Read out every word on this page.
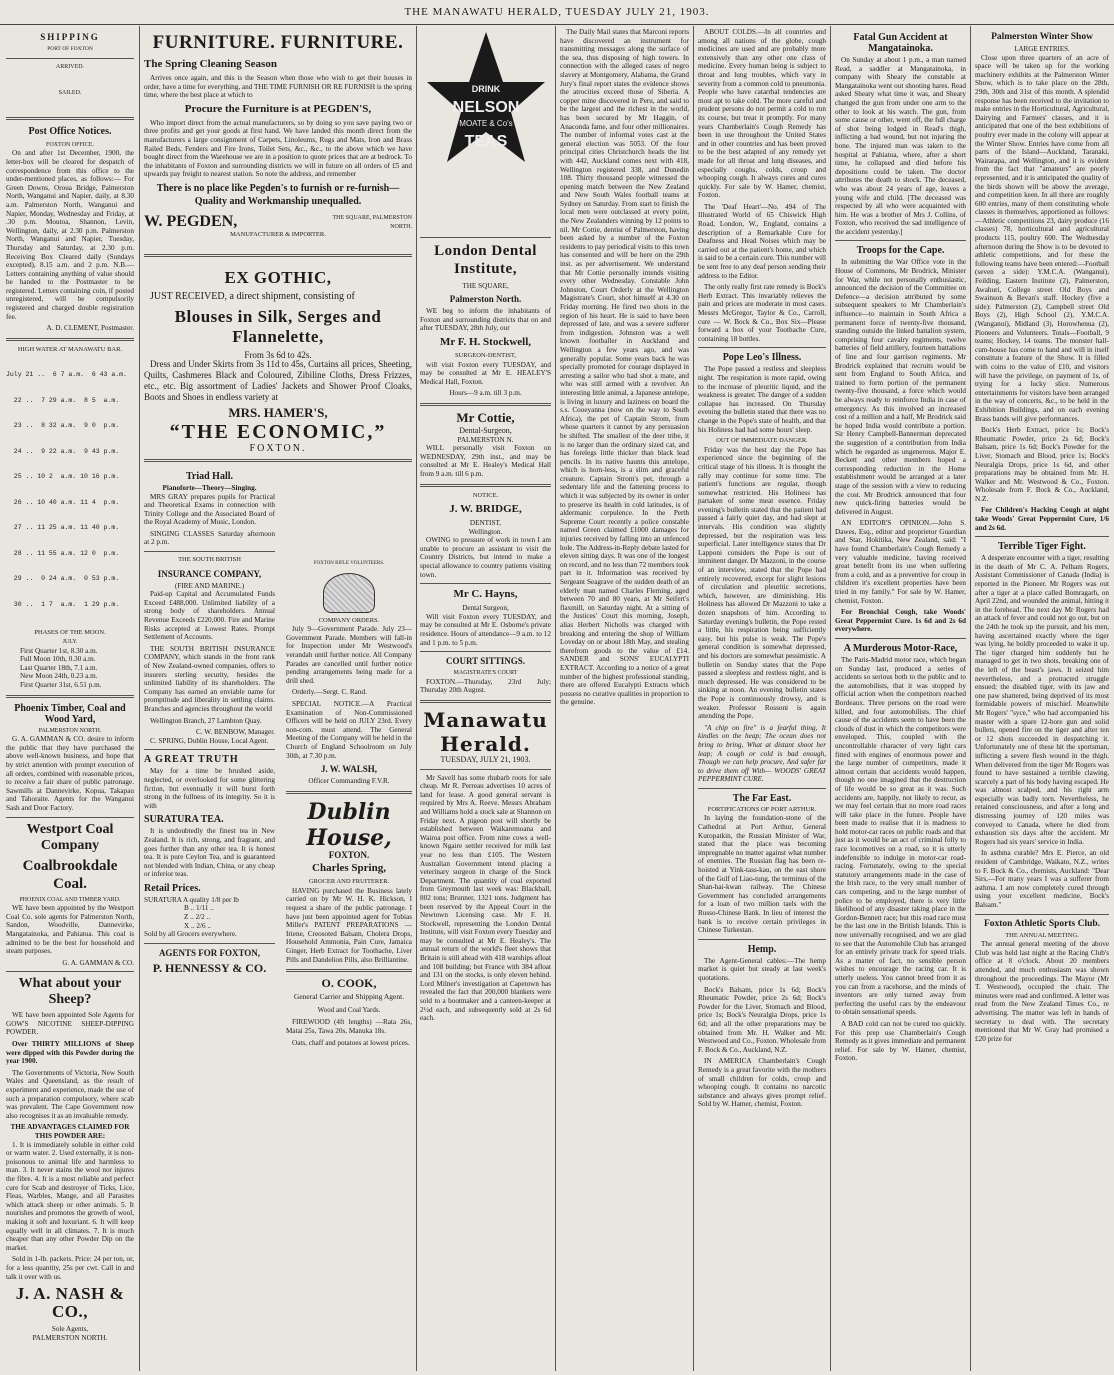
THE MANAWATU HERALD, TUESDAY JULY 21, 1903.
SHIPPING
PORT OF FOXTON
ARRIVED.
SAILED.
Post Office Notices.
FOXTON OFFICE.

On and after 1st December, 1900, the letter-box will be cleared for despatch of correspondence from this office to the under-mentioned places, as follows:— For Green Downs, Oroua Bridge, Palmerston North, Wanganui and Napier, daily, at 8.30 a.m. Palmerston North, Wanganui and Napier, Monday, Wednesday and Friday, at .30 p.m. Moutoa, Shannon, Levin, Wellington, daily, at 2.30 p.m. Palmerston North, Wanganui and Napier, Tuesday, Thursday and Saturday, at 2.30 p.m. Receiving Box Cleared daily (Sundays excepted), 8.15 a.m. and 2 p.m. N.B.—Letters containing anything of value should be handed to the Postmaster to be registered. Letters containing coin, if posted unregistered, will be compulsorily registered and charged double registration fee.

A. D. CLEMENT, Postmaster.
HIGH WATER AT MANAWATU BAR.

July 21 ..  6 7 a.m.  6 43 a.m.

22 ..  7 29 a.m.  8 5  a.m.

23 ..  8 32 a.m.  9 0  p.m.

24 ..  9 22 a.m.  9 43 p.m.

25 .. 10 2  a.m. 10 16 p.m.

26 .. 10 40 a.m. 11 4  p.m.

27 .. 11 25 a.m. 11 40 p.m.

28 .. 11 55 a.m. 12 0  p.m.

29 ..  0 24 a.m.  0 53 p.m.

30 ..  1 7  a.m.  1 29 p.m.

PHASES OF THE MOON.
JULY.
First Quarter 1st, 8.30 a.m.
Full Moon 10th, 0.30 a.m.
Last Quarter 18th, 7.1 a.m.
New Moon 24th, 0.23 a.m.
First Quarter 31st, 6.51 p.m.
Phoenix Timber, Coal and Wood Yard,
PALMERSTON NORTH.

G. A. GAMMAN & CO. desire to inform the public that they have purchased the above well-known business, and hope that by strict attention with prompt execution of all orders, combined with reasonable prices, to receive a fair share of public patronage. Sawmills at Dannevirke, Kopua, Takapau and Tahoraite. Agents for the Wanganui Sash and Door Factory.

Westport Coal Company
Coalbrookdale Coal.
PHOENIX COAL AND TIMBER YARD.

WE have been appointed by the Westport Coal Co. sole agents for Palmerston North, Sandon, Woodville, Dannevirke, Mangatainoka, and Pahiatua. This coal is admitted to be the best for household and steam purposes.

G. A. GAMMAN & CO.
What about your Sheep?

WE have been appointed Sole Agents for GOW'S NICOTINE SHEEP-DIPPING POWDER.

Over THIRTY MILLIONS of Sheep were dipped with this Powder during the year 1900.

The Governments of Victoria, New South Wales and Queensland, as the result of experiment and experience, made the use of such a preparation compulsory, where scab was prevalent. The Cape Government now also recognises it as an invaluable remedy.

THE ADVANTAGES CLAIMED FOR THIS POWDER ARE:

1. It is immediately soluble in either cold or warm water. 2. Used externally, it is non-poisonous to animal life and harmless to man. 3. It never stains the wool nor injures the fibre. 4. It is a most reliable and perfect cure for Scab and destroyer of Ticks, Lice, Fleas, Warbles, Mange, and all Parasites which attack sheep or other animals. 5. It nourishes and promotes the growth of wool, making it soft and luxuriant. 6. It will keep equally well in all climates. 7. It is much cheaper than any other Powder Dip on the market.

Sold in 1-lb. packets. Price: 24 per ton, or, for a less quantity, 25s per cwt. Call in and talk it over with us.

J. A. NASH & CO.,
Sole Agents,
PALMERSTON NORTH.
FURNITURE. FURNITURE.
The Spring Cleaning Season

Arrives once again, and this is the Season when those who wish to get their houses in order, have a time for everything, and THE TIME FURNISH OR RE FURNISH is the spring time, where the best place at which to

Procure the Furniture is at PEGDEN'S,

Who import direct from the actual manufacturers, so by doing so you save paying two or three profits and get your goods at first hand. We have landed this month direct from the manufacturers a large consignment of Carpets, Linoleums, Rugs and Mats, Iron and Brass Railed Beds, Fenders and Fire Irons, Toilet Sets, &c., &c., to the above which we have bought direct from the Warehouse we are in a position to quote prices that are at bedrock. To the inhabitants of Foxton and surrounding districts we will in future on all orders of £5 and upwards pay freight to nearest station. So note the address, and remember

There is no place like Pegden's to furnish or re-furnish—Quality and Workmanship unequalled.
W. PEGDEN,	THE SQUARE, PALMERSTON NORTH.
MANUFACTURER & IMPORTER.
EX GOTHIC,

JUST RECEIVED, a direct shipment, consisting of

Blouses in Silk, Serges and Flannelette,
From 3s 6d to 42s.

Dress and Under Skirts from 3s 11d to 45s, Curtains all prices, Sheeting, Quilts, Cashmeres Black and Coloured, Zibiline Cloths, Dress Frizzes, etc., etc. Big assortment of Ladies' Jackets and Shower Proof Cloaks, Boots and Shoes in endless variety at

MRS. HAMER'S,
“THE ECONOMIC,”
FOXTON.
Triad Hall.
Pianoforte—Theory—Singing.

MRS GRAY prepares pupils for Practical and Theoretical Exams in connection with Trinity College and the Associated Board of the Royal Academy of Music, London.

SINGING CLASSES Saturday afternoon at 2 p.m.

THE SOUTH BRITISH
INSURANCE COMPANY,
(FIRE AND MARINE.)

Paid-up Capital and Accumulated Funds Exceed £488,000. Unlimited liability of a strong body of shareholders. Annual Revenue Exceeds £220,000. Fire and Marine Risks accepted at Lowest Rates. Prompt Settlement of Accounts.

THE SOUTH BRITISH INSURANCE COMPANY, which stands in the front rank of New Zealand-owned companies, offers to insurers sterling security, besides the unlimited liability of its shareholders. The Company has earned an enviable name for promptitude and liberality in settling claims. Branches and agencies throughout the world

Wellington Branch, 27 Lambton Quay.

C. W. BENBOW, Manager.

C. SPRING, Dublin House, Local Agent.

A GREAT TRUTH

May for a time be brushed aside, neglected, or overlooked for some glittering fiction, but eventually it will burst forth strong in the fullness of its integrity. So it is with

SURATURA TEA.

It is undoubtedly the finest tea in New Zealand. It is rich, strong, and fragrant, and goes further than any other tea. It is honest tea. It is pure Ceylon Tea, and is guaranteed not blended with Indian, China, or any cheap or inferior teas.

Retail Prices.
SURATURA A quality 1/8 per lb
B .. 1/11 ..
Z .. 2/2 ..
X .. 2/6 ..
Sold by all Grocers everywhere.
AGENTS FOR FOXTON,
P. HENNESSY & CO.
FOXTON RIFLE VOLUNTEERS.
COMPANY ORDERS.

July 9—Government Parade. July 23—Government Parade. Members will fall-in for Inspection under Mr Westwood's verandah until further notice. All Company Parades are cancelled until further notice pending arrangements being made for a drill shed.

Orderly.—Sergt. C. Rand.

SPECIAL NOTICE.—A Practical Examination of Non-Commissioned Officers will be held on JULY 23rd. Every non-com. must attend. The General Meeting of the Company will be held in the Church of England Schoolroom on July 30th, at 7.30 p.m.

J. W. WALSH,
Officer Commanding F.V.R.
Dublin House,
FOXTON.
Charles Spring,
GROCER AND FRUITERER.

HAVING purchased the Business lately carried on by Mr W. H. K. Hickson, I request a share of the public patronage. I have just been appointed agent for Tobias Miller's PATENT PREPARATIONS — Iriene, Creosoted Balsam, Cholera Drops, Household Ammonia, Pain Cure, Jamaica Ginger, Herb Extract for Toothache, Liver Pills and Dandelion Pills, also Brilliantine.

O. COOK,
General Carrier and Shipping Agent.
Wood and Coal Yards.

FIREWOOD (4ft lengths) —Rata 26s, Matai 25s, Tawa 20s, Manuka 18s.

Oats, chaff and potatoes at lowest prices.

DRINK
NELSON
MOATE & Co's
TEAS
London Dental Institute,
THE SQUARE,
Palmerston North.

WE beg to inform the inhabitants of Foxton and surrounding districts that on and after TUESDAY, 28th July, our

Mr F. H. Stockwell,
SURGEON-DENTIST,

will visit Foxton every TUESDAY, and may be consulted at Mr E. HEALEY'S Medical Hall, Foxton.

Hours—9 a.m. till 3 p.m.
Mr Cottie,
Dental-Surgeon,
PALMERSTON N.

WILL personally visit Foxton on WEDNESDAY, 29th inst., and may be consulted at Mr E. Healey's Medical Hall from 9 a.m. till 6 p.m.

NOTICE.
J. W. BRIDGE,
DENTIST,
Wellington.

OWING to pressure of work in town I am unable to procure an assistant to visit the Country Districts, but intend to make a special allowance to country patients visiting town.

Mr C. Hayns,
Dental Surgeon,

Will visit Foxton every TUESDAY, and may be consulted at Mr E. Osborne's private residence. Hours of attendance—9 a.m. to 12 and 1 p.m. to 5 p.m.

COURT SITTINGS.
MAGISTRATE'S COURT

FOXTON.—Thursday, 23rd July; Thursday 20th August.

Manawatu Herald.
TUESDAY, JULY 21, 1903.

Mr Savell has some rhubarb roots for sale cheap. Mr R. Perreau advertises 10 acres of land for lease. A good general servant is required by Mrs A. Reeve. Messrs Abraham and Williams hold a stock sale at Shannon on Friday next. A pigeon post will shortly be established between Waikaremoana and Wairoa post office. From nine cows a well-known Ngaire settler received for milk last year no less than £105. The Western Australian Government intend placing a veterinary surgeon in charge of the Stock Department. The quantity of coal exported from Greymouth last week was: Blackball, 802 tons; Brunner, 1321 tons. Judgment has been reserved by the Appeal Court in the Newtown Licensing case. Mr F. H. Stockwell, representing the London Dental Institute, will visit Foxton every Tuesday and may be consulted at Mr E. Healey's. The annual return of the world's fleet shows that Britain is still ahead with 418 warships afloat and 108 building; but France with 384 afloat and 131 on the stocks, is only eleven behind. Lord Milner's investigation at Capetown has revealed the fact that 200,000 blankets were sold to a bootmaker and a canteen-keeper at 2½d each, and subsequently sold at 2s 6d each.

The Daily Mail states that Marconi reports have discovered an instrument for transmitting messages along the surface of the sea, thus disposing of high towers. In connection with the alleged cases of negro slavery at Montgomery, Alabama, the Grand Jury's final report states the evidence shows the atrocities exceed those of Siberia. A copper mine discovered in Peru, and said to be the largest and the richest in the world, has been secured by Mr Haggin, of Anaconda fame, and four other millionaires. The number of informal votes cast at the general election was 5053. Of the four principal cities Christchurch heads the list with 442, Auckland comes next with 418, Wellington registered 338, and Dunedin 108. Thirty thousand people witnessed the opening match between the New Zealand and New South Wales football teams at Sydney on Saturday. From start to finish the local men were outclassed at every point, the New Zealanders winning by 12 points to nil. Mr Cottie, dentist of Palmerston, having been asked by a number of the Foxton residents to pay periodical visits to this town has consented and will be here on the 29th inst. as per advertisement. We understand that Mr Cottie personally intends visiting every other Wednesday. Constable John Johnston, Court Orderly at the Wellington Magistrate's Court, shot himself at 4.30 on Friday morning. He fired two shots in the region of his heart. He is said to have been depressed of late, and was a severe sufferer from indigestion. Johnston was a well known footballer in Auckland and Wellington a few years ago, and was generally popular. Some years back he was specially promoted for courage displayed in arresting a sailor who had shot a mate, and who was still armed with a revolver. An interesting little animal, a Japanese antelope, is living in luxury and laziness on board the s.s. Cooeyanna (now on the way to South Africa), the pet of Captain Strom, from whose quarters it cannot by any persuasion be shifted. The smallest of the deer tribe, it is no larger than the ordinary sized cat, and has forelegs little thicker than black lead pencils. In its native haunts this antelope, which is horn-less, is a slim and graceful creature. Captain Strom's pet, through a sedentary life and the fattening process to which it was subjected by its owner in order to preserve its health in cold latitudes, is of aldermanic corpulence. In the Perth Supreme Court recently a police constable named Green claimed £1000 damages for injuries received by falling into an unfenced hole. The Address-in-Reply debate lasted for eleven sitting days. It was one of the longest on record, and no less than 72 members took part in it. Information was received by Sergeant Seagrave of the sudden death of an elderly man named Charles Fleming, aged between 70 and 80 years, at Mr Seifert's flaxmill, on Saturday night. At a sitting of the Justices' Court this morning, Joseph, alias Herbert Nicholls was charged with breaking and entering the shop of William Loveday on or about 18th May, and stealing therefrom goods to the value of £14. SANDER and SONS' EUCALYPTI EXTRACT. According to a notice of a great number of the highest professional standing, there are offered Eucalypti Extracts which possess no curative qualities in proportion to the genuine.

ABOUT COLDS.—In all countries and among all nations of the globe, cough medicines are used and are probably more extensively than any other one class of medicine. Every human being is subject to throat and lung troubles, which vary in severity from a common cold to pneumonia. People who have catarrhal tendencies are most apt to take cold. The more careful and prudent persons do not permit a cold to run its course, but treat it promptly. For many years Chamberlain's Cough Remedy has been in use throughout the United States and in other countries and has been proved to be the best adapted of any remedy yet made for all throat and lung diseases, and especially coughs, colds, croup and whooping cough. It always cures and cures quickly. For sale by W. Hamer, chemist, Foxton.

The 'Deaf Heart'—No. 494 of The Illustrated World of 65 Chiswick High Road, London, W., England, contains a description of a Remarkable Cure for Deafness and Head Noises which may be carried out at the patient's home, and which is said to be a certain cure. This number will be sent free to any deaf person sending their address to the Editor.

The only really first rate remedy is Bock's Herb Extract. This invariably relieves the pain and prices are moderate in most cases. Messrs McGregor, Taylor & Co., Carroll, cure — W. Bock & Co., Box Six—Please forward a box of your Toothache Cure, containing 18 bottles.

Pope Leo's Illness.

The Pope passed a restless and sleepless night. The respiration is more rapid, owing to the increase of pleuritic liquid, and the weakness is greater. The danger of a sudden collapse has increased. On Thursday evening the bulletin stated that there was no change in the Pope's state of health, and that his Holiness had had some hours' sleep.

OUT OF IMMEDIATE DANGER.

Friday was the best day the Pope has experienced since the beginning of the critical stage of his illness. It is thought the rally may continue for some time. The patient's functions are regular, though somewhat restricted. His Holiness has partaken of some meat essence. Friday evening's bulletin stated that the patient had passed a fairly quiet day, and had slept at intervals. His condition was slightly depressed, but the respiration was less superficial. Later intelligence states that Dr Lapponi considers the Pope is out of imminent danger. Dr Mazzoni, in the course of an interview, stated that the Pope had entirely recovered, except for slight lesions of circulation and pleuritic secretions, which, however, are diminishing. His Holiness has allowed Dr Mazzoni to take a dozen snapshots of him. According to Saturday evening's bulletin, the Pope rested a little, his respiration being sufficiently easy, but his pulse is weak. The Pope's general condition is somewhat depressed, and his doctors are somewhat pessimistic. A bulletin on Sunday states that the Pope passed a sleepless and restless night, and is much depressed. He was considered to be sinking at noon. An evening bulletin states the Pope is continuously drowsy, and is weaker. Professor Rossoni is again attending the Pope.

"A chip on fire" is a fearful thing, It kindles on the heap; The ocean does not bring to bring, What at distant shoot her leap; A cough or cold is bad enough, Though we can help procure, And safer far to drive them off With— WOODS' GREAT PEPPERMINT CURE.

The Far East.
FORTIFICATIONS OF PORT ARTHUR.

In laying the foundation-stone of the Cathedral at Port Arthur, General Kuropatkin, the Russian Minister of War, stated that the place was becoming impregnable no matter against what number of enemies. The Russian flag has been re-hoisted at Yink-tass-kau, on the east shore of the Gulf of Liao-tung, the terminus of the Shan-hai-kwan railway. The Chinese Government has concluded arrangements for a loan of two million taels with the Russo-Chinese Bank. In lieu of interest the bank is to receive certain privileges in Chinese Turkestan.

Hemp.

The Agent-General cables:—The hemp market is quiet but steady at last week's quotations.

Bock's Balsam, price 1s 6d; Bock's Rheumatic Powder, price 2s 6d; Bock's Powder for the Liver, Stomach and Blood, price 1s; Bock's Neuralgia Drops, price 1s 6d; and all the other preparations may be obtained from Mr. H. Walker and Mr. Westwood and Co., Foxton. Wholesale from F. Bock & Co., Auckland, N.Z.

IN AMERICA Chamberlain's Cough Remedy is a great favorite with the mothers of small children for colds, croup and whooping cough. It contains no narcotic substance and always gives prompt relief. Sold by W. Hamer, chemist, Foxton.

Fatal Gun Accident at Mangatainoka.

On Sunday at about 1 p.m., a man named Read, a saddler at Mangatainoka, in company with Sheary the constable at Mangatainoka went out shooting hares. Read asked Sheary what time it was, and Sheary changed the gun from under one arm to the other to look at his watch. The gun, from some cause or other, went off, the full charge of shot being lodged in Read's thigh, inflicting a bad wound, but not injuring the bone. The injured man was taken to the hospital at Pahiatua, where, after a short time, he collapsed and died before his depositions could be taken. The doctor attributes the death to shock. The deceased, who was about 24 years of age, leaves a young wife and child. [The deceased was respected by all who were acquainted with him. He was a brother of Mrs J. Collins, of Foxton, who received the sad intelligence of the accident yesterday.]

Troops for the Cape.

In submitting the War Office vote in the House of Commons, Mr Brodrick, Minister for War, while not personally enthusiastic, announced the decision of the Committee on Defence—a decision attributed by some subsequent speakers to Mr Chamberlain's influence—to maintain in South Africa a permanent force of twenty-five thousand, standing outside the linked battalion system, comprising four cavalry regiments, twelve batteries of field artillery, fourteen battalions of line and four garrison regiments. Mr Brodrick explained that recruits would be sent from England to South Africa, and trained to form portion of the permanent twenty-five thousand, a force which would be always ready to reinforce India in case of emergency. As this involved an increased cost of a million and a half, Mr Brodrick said he hoped India would contribute a portion. Sir Henry Campbell-Bannerman deprecated the suggestion of a contribution from India which he regarded as ungenerous. Major E. Beckett and other members hoped a corresponding reduction in the Home establishment would be arranged at a later stage of the session with a view to reducing the cost. Mr Brodrick announced that four new quick-firing batteries would be delivered in August.

AN EDITOR'S OPINION.—John S. Dawes, Esq., editor and proprietor Guardian and Star, Hokitika, New Zealand, said: "I have found Chamberlain's Cough Remedy a very valuable medicine, having received great benefit from its use when suffering from a cold, and as a preventive for croup in children it's excellent properties have been tried in my family." For sale by W. Hamer, chemist, Foxton.

For Bronchial Cough, take Woods' Great Peppermint Cure. 1s 6d and 2s 6d everywhere.

A Murderous Motor-Race,

The Paris-Madrid motor race, which began on Sunday last, produced a series of accidents so serious both to the public and to the automobilists, that it was stopped by official action when the competitors reached Bordeaux. Three persons on the road were killed, and four automobilists. The chief cause of the accidents seem to have been the clouds of dust in which the competitors were enveloped. This, coupled with the uncontrollable character of very light cars fitted with engines of enormous power and the large number of competitors, made it almost certain that accidents would happen, though no one imagined that the destruction of life would be so great as it was. Such accidents are, happily, not likely to recur, as we may feel certain that no more road races will take place in the future. People have been made to realise that it is madness to hold motor-car races on public roads and that just as it would be an act of criminal folly to race locomotives on a road, so it is utterly indefensible to indulge in motor-car road-racing. Fortunately, owing to the special statutory arrangements made in the case of the Irish race, to the very small number of cars competing, and to the large number of police to be employed, there is very little likelihood of any disaster taking place in the Gordon-Bennett race; but this road race must be the last one in the British Islands. This is now universally recognised, and we are glad to see that the Automobile Club has arranged for an entirely private track for speed trials. As a matter of fact, no sensible person wishes to encourage the racing car. It is utterly useless. You cannot breed from it as you can from a racehorse, and the minds of inventors are only turned away from perfecting the useful cars by the endeavour to obtain sensational speeds.

A BAD cold can not be cured too quickly. For this prep use Chamberlain's Cough Remedy as it gives immediate and permanent relief. For sale by W. Hamer, chemist, Foxton.

Palmerston Winter Show
LARGE ENTRIES.

Close upon three quarters of an acre of space will be taken up for the working machinery exhibits at the Palmerston Winter Show, which is to take place on the 28th, 29th, 30th and 31st of this month. A splendid response has been received to the invitation to make entries in the Horticultural, Agricultural, Dairying and Farmers' classes, and it is anticipated that one of the best exhibitions of poultry ever made in the colony will appear at the Winter Show. Entries have come from all parts of the Island—Auckland, Taranaki, Wairarapa, and Wellington, and it is evident from the fact that "amateurs" are poorly represented, and it is anticipated the quality of the birds shown will be above the average, and competition keen. In all there are roughly 600 entries, many of them constituting whole classes in themselves, apportioned as follows:—Athletic competitions 23, dairy produce (16 classes) 78, horticultural and agricultural products 115, poultry 600. The Wednesday afternoon during the Show is to be devoted to athletic competitions, and for these the following teams have been entered:—Football (seven a side): Y.M.C.A. (Wanganui), Feilding, Eastern Institute (2), Palmerston, Awahuri, College street Old Boys and Swainson & Bevan's staff. Hockey (five a side): Palmerston (2), Campbell street Old Boys (2), High School (2), Y.M.C.A. (Wanganui), Midland (3), Horowhenua (2), Pioneers and Volunteers. Totals—Football, 9 teams; Hockey, 14 teams. The monster hall-cum-house has come to hand and will in itself constitute a feature of the Show. It is filled with coins to the value of £10, and visitors will have the privilege, on payment of 1s, of trying for a lucky slice. Numerous entertainments for visitors have been arranged in the way of concerts, &c., to be held in the Exhibition Buildings, and on each evening Brass bands will give performances.

Bock's Herb Extract, price 1s; Bock's Rheumatic Powder, price 2s 6d; Bock's Balsam, price 1s 6d; Bock's Powder for the Liver, Stomach and Blood, price 1s; Bock's Neuralgia Drops, price 1s 6d, and other preparations may be obtained from Mr. H. Walker and Mr. Westwood & Co., Foxton. Wholesale from F. Bock & Co., Auckland, N.Z.

For Children's Hacking Cough at night take Woods' Great Peppermint Cure, 1/6 and 2s 6d.

Terrible Tiger Fight.

A desperate encounter with a tiger, resulting in the death of Mr C. A. Pelham Rogers, Assistant Commissioner of Canada (India) is reported in the Pioneer. Mr Rogers was out after a tiger at a place called Bomragarh, on April 22nd, and wounded the animal, hitting it in the forehead. The next day Mr Rogers had an attack of fever and could not go out, but on the 24th he took up the pursuit, and his men, having ascertained exactly where the tiger was lying, he boldly proceeded to wake it up. The tiger charged him suddenly but he managed to get in two shots, breaking one of the left of the beast's jaws. It seized him nevertheless, and a protracted struggle ensued; the disabled tiger, with its jaw and one paw shattered, being deprived of its most formidable powers of mischief. Meanwhile Mr Rogers' "syce," who had accompanied his master with a spare 12-bore gun and solid bullets, opened fire on the tiger and after ten or 12 shots succeeded in despatching it. Unfortunately one of these hit the sportsman, inflicting a severe flesh wound in the thigh. When delivered from the tiger Mr Rogers was found to have sustained a terrible clawing, scarcely a part of his body having escaped. He was almost scalped, and his right arm especially was badly torn. Nevertheless, he retained consciousness, and after a long and distressing journey of 120 miles was conveyed to Canada, where he died from exhaustion six days after the accident. Mr Rogers had six years' service in India.

In asthma curable? Mrs E. Pierce, an old resident of Cambridge, Waikato, N.Z., writes to F. Bock & Co., chemists, Auckland: "Dear Sirs,—For many years I was a sufferer from asthma. I am now completely cured through using your excellent medicine, Bock's Balsam."

Foxton Athletic Sports Club.
THE ANNUAL MEETING.

The annual general meeting of the above Club was held last night at the Racing Club's office at 8 o'clock. About 20 members attended, and much enthusiasm was shown throughout the proceedings. The Mayor (Mr T. Westwood), occupied the chair. The minutes were read and confirmed. A letter was read from the New Zealand Times Co., re advertising. The matter was left in hands of secretary to deal with. The secretary mentioned that Mr W. Gray had promised a £20 prize for
